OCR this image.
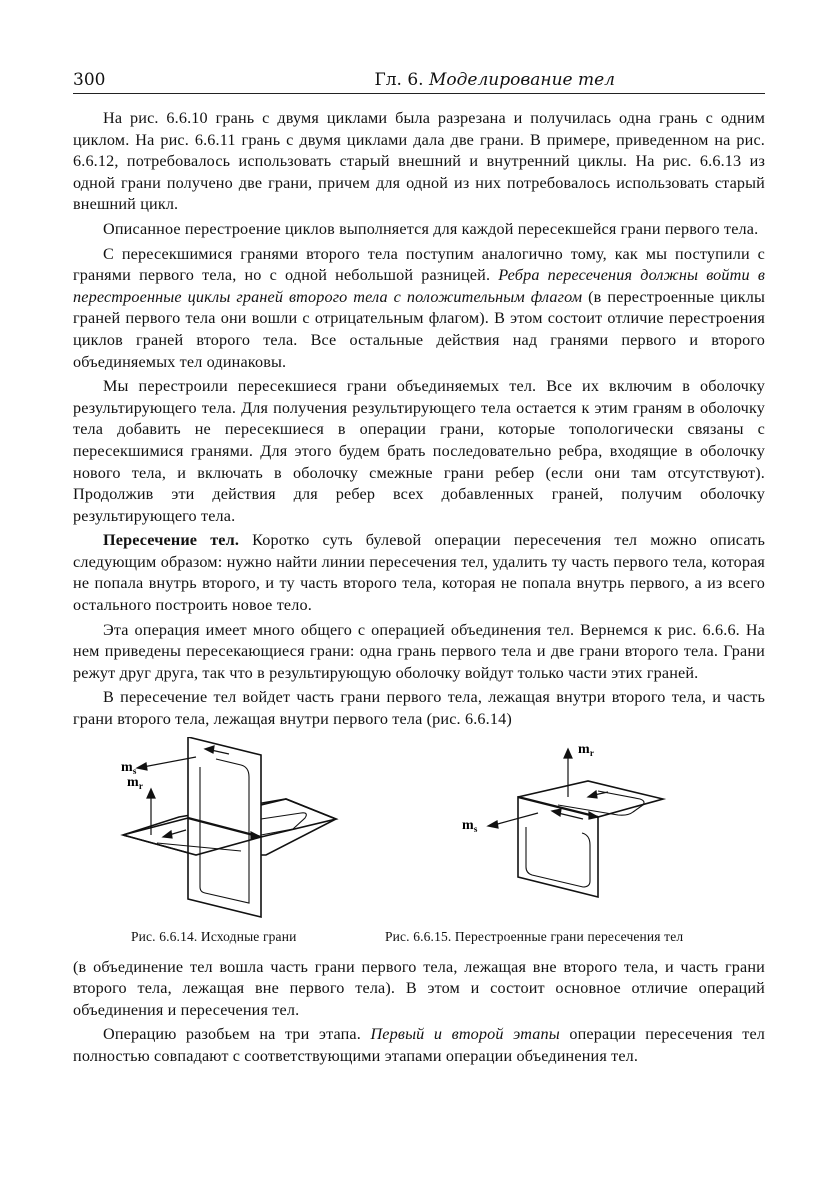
300	Гл. 6. Моделирование тел

На рис. 6.6.10 грань с двумя циклами была разрезана и получилась одна грань с одним циклом. На рис. 6.6.11 грань с двумя циклами дала две грани. В примере, приведенном на рис. 6.6.12, потребовалось использовать старый внешний и внутренний циклы. На рис. 6.6.13 из одной грани получено две грани, причем для одной из них потребовалось использовать старый внешний цикл.

Описанное перестроение циклов выполняется для каждой пересекшейся грани первого тела.

С пересекшимися гранями второго тела поступим аналогично тому, как мы поступили с гранями первого тела, но с одной небольшой разницей. Ребра пересечения должны войти в перестроенные циклы граней второго тела с положительным флагом (в перестроенные циклы граней первого тела они вошли с отрицательным флагом). В этом состоит отличие перестроения циклов граней второго тела. Все остальные действия над гранями первого и второго объединяемых тел одинаковы.

Мы перестроили пересекшиеся грани объединяемых тел. Все их включим в оболочку результирующего тела. Для получения результирующего тела остается к этим граням в оболочку тела добавить не пересекшиеся в операции грани, которые топологически связаны с пересекшимися гранями. Для этого будем брать последовательно ребра, входящие в оболочку нового тела, и включать в оболочку смежные грани ребер (если они там отсутствуют). Продолжив эти действия для ребер всех добавленных граней, получим оболочку результирующего тела.

Пересечение тел. Коротко суть булевой операции пересечения тел можно описать следующим образом: нужно найти линии пересечения тел, удалить ту часть первого тела, которая не попала внутрь второго, и ту часть второго тела, которая не попала внутрь первого, а из всего остального построить новое тело.

Эта операция имеет много общего с операцией объединения тел. Вернемся к рис. 6.6.6. На нем приведены пересекающиеся грани: одна грань первого тела и две грани второго тела. Грани режут друг друга, так что в результирующую оболочку войдут только части этих граней.

В пересечение тел войдет часть грани первого тела, лежащая внутри второго тела, и часть грани второго тела, лежащая внутри первого тела (рис. 6.6.14)

$m_s$
$m_r$
Рис. 6.6.14. Исходные грани
$m_r$
$m_s$
Рис. 6.6.15. Перестроенные грани пересечения тел

(в объединение тел вошла часть грани первого тела, лежащая вне второго тела, и часть грани второго тела, лежащая вне первого тела). В этом и состоит основное отличие операций объединения и пересечения тел.

Операцию разобьем на три этапа. Первый и второй этапы операции пересечения тел полностью совпадают с соответствующими этапами операции объединения тел.
